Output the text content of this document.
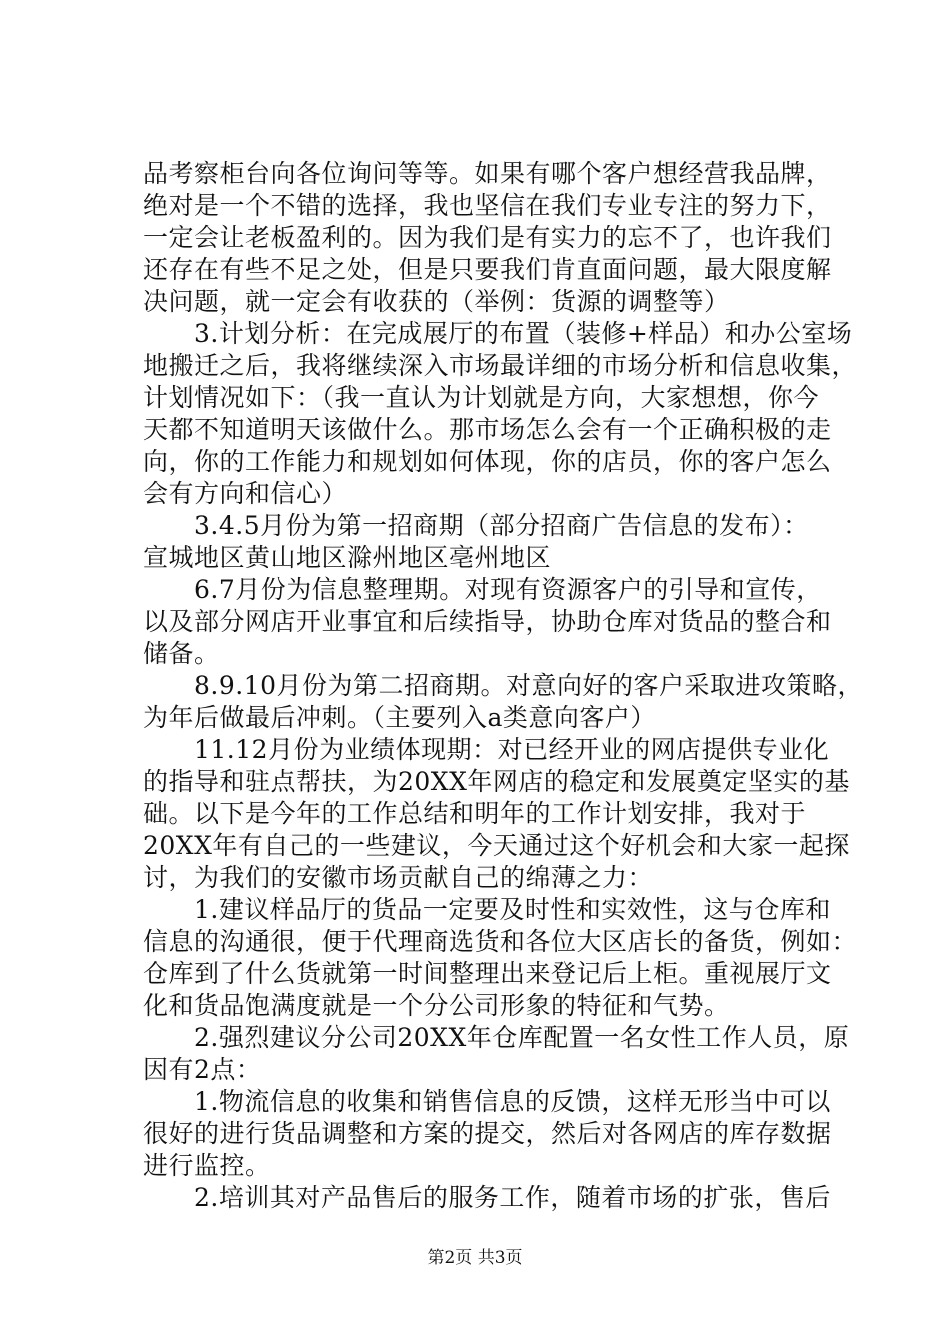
品考察柜台向各位询问等等。如果有哪个客户想经营我品牌，
绝对是一个不错的选择，我也坚信在我们专业专注的努力下，
一定会让老板盈利的。因为我们是有实力的忘不了，也许我们
还存在有些不足之处，但是只要我们肯直面问题，最大限度解
决问题，就一定会有收获的（举例：货源的调整等）

　　3.计划分析：在完成展厅的布置（装修+样品）和办公室场
地搬迁之后，我将继续深入市场最详细的市场分析和信息收集，
计划情况如下：（我一直认为计划就是方向，大家想想，你今
天都不知道明天该做什么。那市场怎么会有一个正确积极的走
向，你的工作能力和规划如何体现，你的店员，你的客户怎么
会有方向和信心）

　　3.4.5月份为第一招商期（部分招商广告信息的发布）：
宣城地区黄山地区滁州地区亳州地区

　　6.7月份为信息整理期。对现有资源客户的引导和宣传，
以及部分网店开业事宜和后续指导，协助仓库对货品的整合和
储备。

　　8.9.10月份为第二招商期。对意向好的客户采取进攻策略，
为年后做最后冲刺。（主要列入a类意向客户）

　　11.12月份为业绩体现期：对已经开业的网店提供专业化
的指导和驻点帮扶，为20XX年网店的稳定和发展奠定坚实的基
础。以下是今年的工作总结和明年的工作计划安排，我对于
20XX年有自己的一些建议，今天通过这个好机会和大家一起探
讨，为我们的安徽市场贡献自己的绵薄之力：

　　1.建议样品厅的货品一定要及时性和实效性，这与仓库和
信息的沟通很，便于代理商选货和各位大区店长的备货，例如：
仓库到了什么货就第一时间整理出来登记后上柜。重视展厅文
化和货品饱满度就是一个分公司形象的特征和气势。

　　2.强烈建议分公司20XX年仓库配置一名女性工作人员，原
因有2点：

　　1.物流信息的收集和销售信息的反馈，这样无形当中可以
很好的进行货品调整和方案的提交，然后对各网店的库存数据
进行监控。

　　2.培训其对产品售后的服务工作，随着市场的扩张，售后

第2页 共3页
